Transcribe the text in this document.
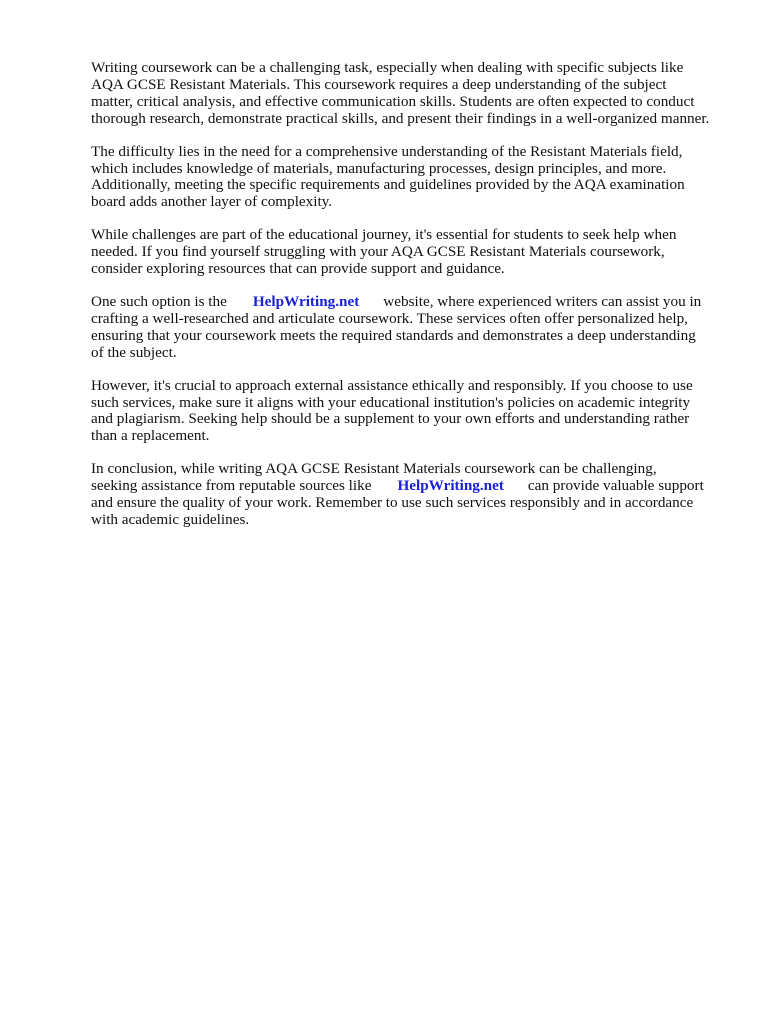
Writing coursework can be a challenging task, especially when dealing with specific subjects like
AQA GCSE Resistant Materials. This coursework requires a deep understanding of the subject
matter, critical analysis, and effective communication skills. Students are often expected to conduct
thorough research, demonstrate practical skills, and present their findings in a well-organized manner.

The difficulty lies in the need for a comprehensive understanding of the Resistant Materials field,
which includes knowledge of materials, manufacturing processes, design principles, and more.
Additionally, meeting the specific requirements and guidelines provided by the AQA examination
board adds another layer of complexity.

While challenges are part of the educational journey, it's essential for students to seek help when
needed. If you find yourself struggling with your AQA GCSE Resistant Materials coursework,
consider exploring resources that can provide support and guidance.

One such option is the HelpWriting.net website, where experienced writers can assist you in
crafting a well-researched and articulate coursework. These services often offer personalized help,
ensuring that your coursework meets the required standards and demonstrates a deep understanding
of the subject.

However, it's crucial to approach external assistance ethically and responsibly. If you choose to use
such services, make sure it aligns with your educational institution's policies on academic integrity
and plagiarism. Seeking help should be a supplement to your own efforts and understanding rather
than a replacement.

In conclusion, while writing AQA GCSE Resistant Materials coursework can be challenging,
seeking assistance from reputable sources like HelpWriting.net can provide valuable support
and ensure the quality of your work. Remember to use such services responsibly and in accordance
with academic guidelines.
